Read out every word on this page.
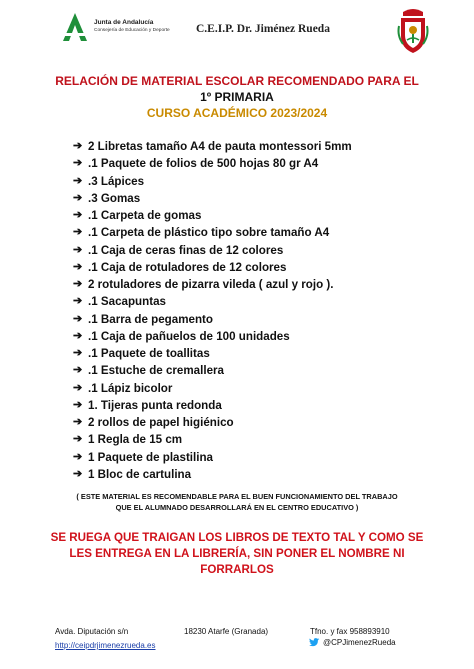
Junta de Andalucía
Consejería de Educación y Deporte C.E.I.P. Dr. Jiménez Rueda
RELACIÓN DE MATERIAL ESCOLAR RECOMENDADO PARA EL
1º PRIMARIA
CURSO ACADÉMICO 2023/2024
➔ 2 Libretas tamaño A4 de pauta montessori 5mm
➔ .1 Paquete de folios de 500 hojas 80 gr A4
➔ .3 Lápices
➔ .3 Gomas
➔ .1 Carpeta de gomas
➔ .1 Carpeta de plástico tipo sobre tamaño A4
➔ .1 Caja de ceras finas de 12 colores
➔ .1 Caja de rotuladores de 12 colores
➔ 2 rotuladores de pizarra vileda ( azul y rojo ).
➔ .1 Sacapuntas
➔ .1 Barra de pegamento
➔ .1 Caja de pañuelos de 100 unidades
➔ .1 Paquete de toallitas
➔ .1 Estuche de cremallera
➔ .1 Lápiz bicolor
➔ 1. Tijeras punta redonda
➔ 2 rollos de papel higiénico
➔ 1 Regla de 15 cm
➔ 1 Paquete de plastilina
➔ 1 Bloc de cartulina
( ESTE MATERIAL ES RECOMENDABLE PARA EL BUEN FUNCIONAMIENTO DEL TRABAJO
QUE EL ALUMNADO DESARROLLARÁ EN EL CENTRO EDUCATIVO )
SE RUEGA QUE TRAIGAN LOS LIBROS DE TEXTO TAL Y COMO SE
LES ENTREGA EN LA LIBRERÍA, SIN PONER EL NOMBRE NI
FORRARLOS
Avda. Diputación s/n
http://ceipdrjimenezrueda.es
18230 Atarfe (Granada)	Tfno. y fax 958893910
@CPJimenezRueda
